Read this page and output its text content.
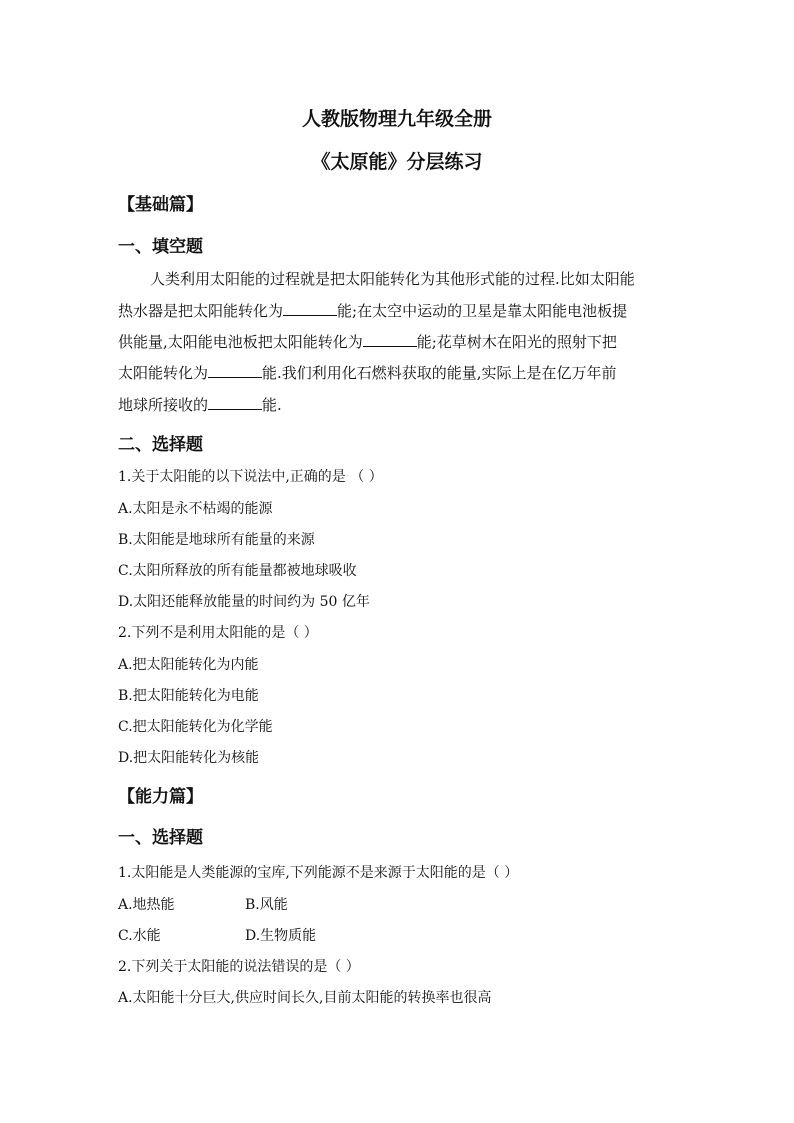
人教版物理九年级全册
《太原能》分层练习
【基础篇】
一、填空题
人类利用太阳能的过程就是把太阳能转化为其他形式能的过程.比如太阳能
热水器是把太阳能转化为	能;在太空中运动的卫星是靠太阳能电池板提
供能量,太阳能电池板把太阳能转化为	能;花草树木在阳光的照射下把
太阳能转化为	能.我们利用化石燃料获取的能量,实际上是在亿万年前
地球所接收的	能.
二、选择题
1.关于太阳能的以下说法中,正确的是 （ ）
A.太阳是永不枯竭的能源
B.太阳能是地球所有能量的来源
C.太阳所释放的所有能量都被地球吸收
D.太阳还能释放能量的时间约为 50 亿年
2.下列不是利用太阳能的是（ ）
A.把太阳能转化为内能
B.把太阳能转化为电能
C.把太阳能转化为化学能
D.把太阳能转化为核能
【能力篇】
一、选择题
1.太阳能是人类能源的宝库,下列能源不是来源于太阳能的是（ ）
A.地热能	B.风能
C.水能	D.生物质能
2.下列关于太阳能的说法错误的是（ ）
A.太阳能十分巨大,供应时间长久,目前太阳能的转换率也很高
